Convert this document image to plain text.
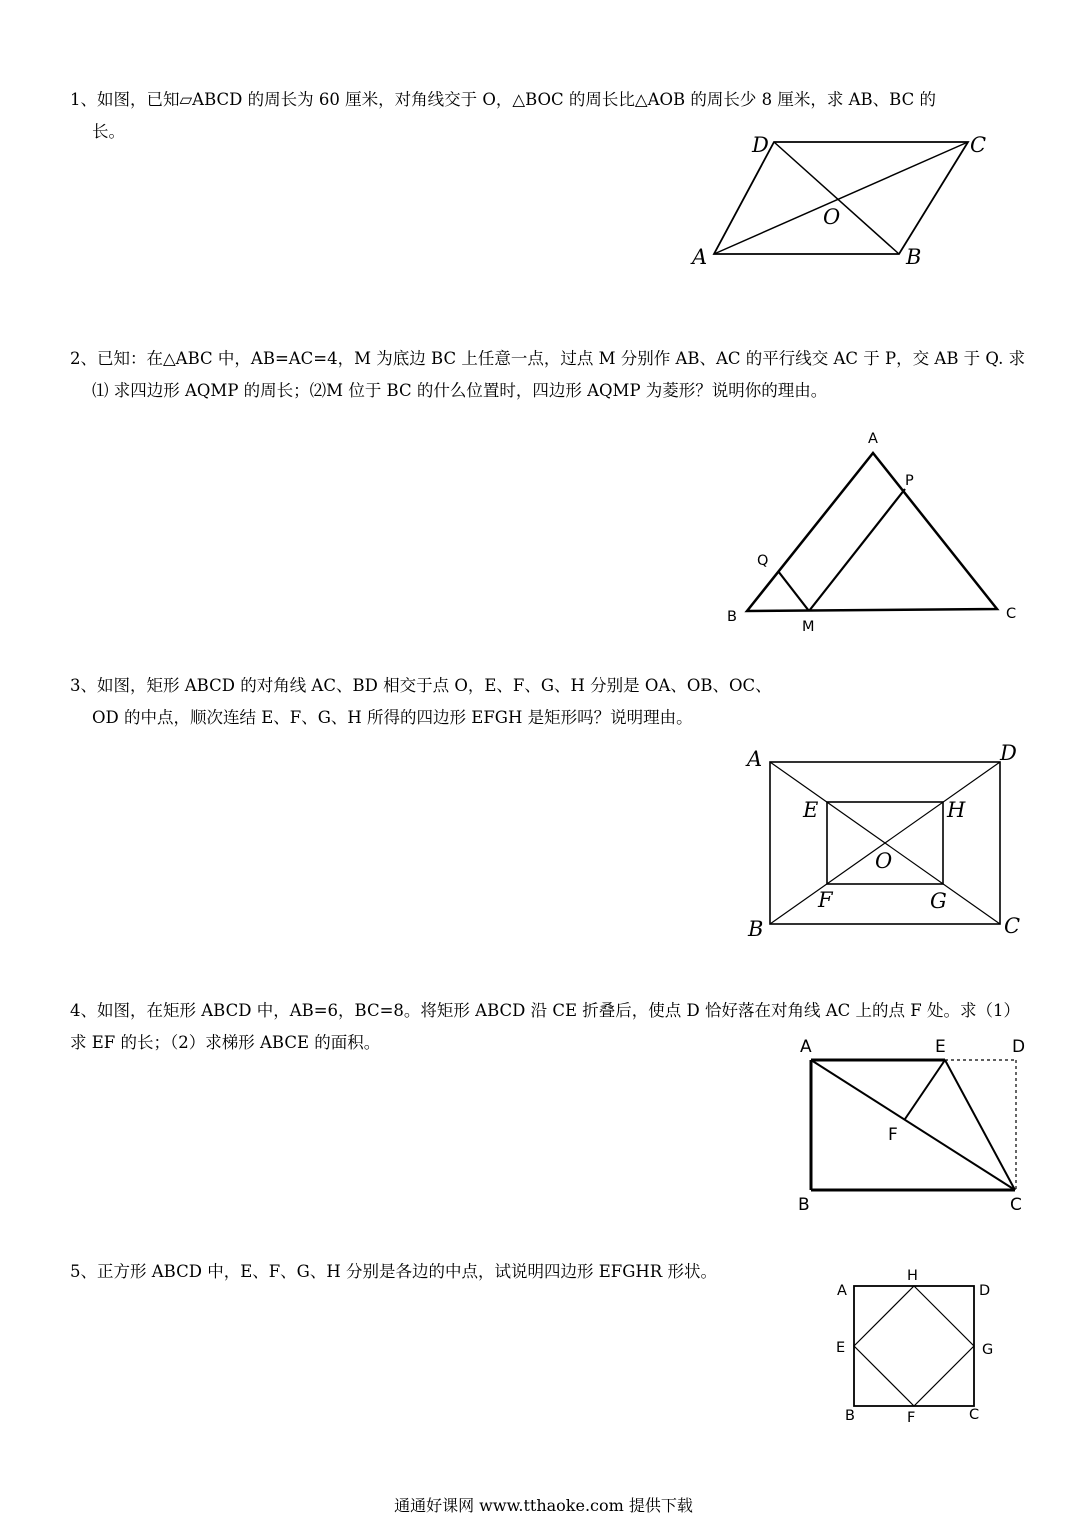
1、如图，已知▱ABCD 的周长为 60 厘米，对角线交于 O，△BOC 的周长比△AOB 的周长少 8 厘米，求 AB、BC 的
长。
A	B
C
D
O
2、已知：在△ABC 中，AB=AC=4，M 为底边 BC 上任意一点，过点 M 分别作 AB、AC 的平行线交 AC 于 P，交 AB 于 Q. 求
⑴ 求四边形 AQMP 的周长；⑵M 位于 BC 的什么位置时，四边形 AQMP 为菱形？说明你的理由。
A
P
Q
B
M
C
3、如图，矩形 ABCD 的对角线 AC、BD 相交于点 O，E、F、G、H 分别是 OA、OB、OC、
OD 的中点，顺次连结 E、F、G、H 所得的四边形 EFGH 是矩形吗？说明理由。
A
B	C
D
E
F	G
H
O
4、如图，在矩形 ABCD 中，AB=6，BC=8。将矩形 ABCD 沿 CE 折叠后，使点 D 恰好落在对角线 AC 上的点 F 处。求（1）
求 EF 的长；（2）求梯形 ABCE 的面积。	A	E	D
F
B	C
5、正方形 ABCD 中，E、F、G、H 分别是各边的中点，试说明四边形 EFGHR 形状。
A
H
D
E	G
B	F	C
通通好课网 www.tthaoke.com 提供下载
